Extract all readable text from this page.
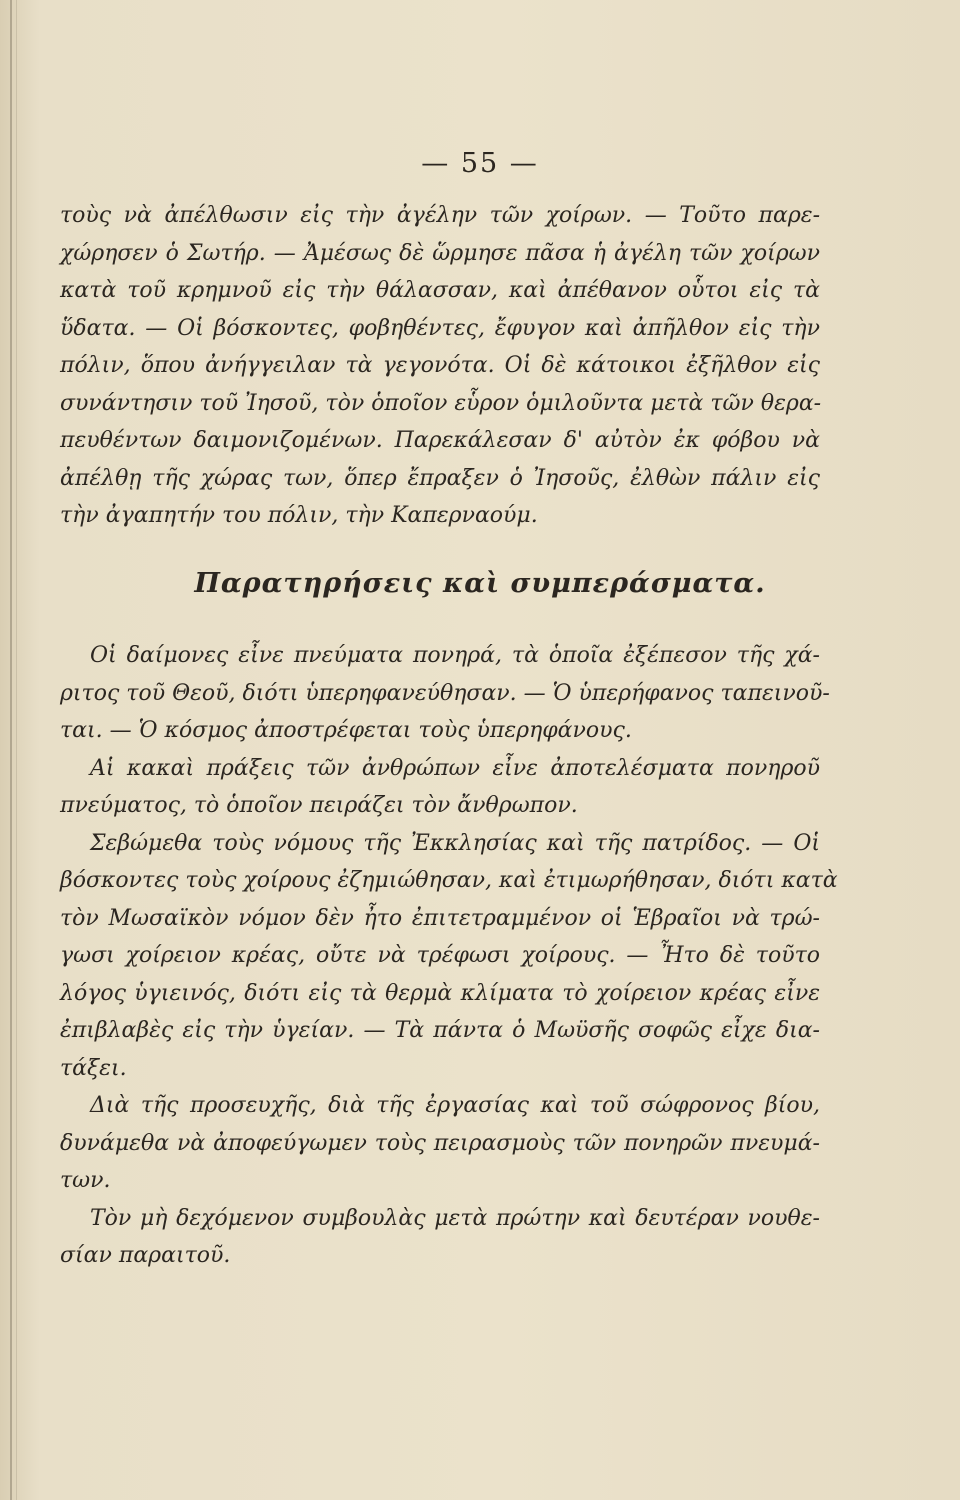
— 55 —
τοὺς νὰ ἀπέλθωσιν εἰς τὴν ἀγέλην τῶν χοίρων. — Τοῦτο παρε-
χώρησεν ὁ Σωτήρ. — Ἀμέσως δὲ ὥρμησε πᾶσα ἡ ἀγέλη τῶν χοίρων
κατὰ τοῦ κρημνοῦ εἰς τὴν θάλασσαν, καὶ ἀπέθανον οὗτοι εἰς τὰ
ὕδατα. — Οἱ βόσκοντες, φοβηθέντες, ἔφυγον καὶ ἀπῆλθον εἰς τὴν
πόλιν, ὅπου ἀνήγγειλαν τὰ γεγονότα. Οἱ δὲ κάτοικοι ἐξῆλθον εἰς
συνάντησιν τοῦ Ἰησοῦ, τὸν ὁποῖον εὗρον ὁμιλοῦντα μετὰ τῶν θερα-
πευθέντων δαιμονιζομένων. Παρεκάλεσαν δ' αὐτὸν ἐκ φόβου νὰ
ἀπέλθῃ τῆς χώρας των, ὅπερ ἔπραξεν ὁ Ἰησοῦς, ἐλθὼν πάλιν εἰς
τὴν ἀγαπητήν του πόλιν, τὴν Καπερναούμ.
Παρατηρήσεις καὶ συμπεράσματα.
Οἱ δαίμονες εἶνε πνεύματα πονηρά, τὰ ὁποῖα ἐξέπεσον τῆς χά-
ριτος τοῦ Θεοῦ, διότι ὑπερηφανεύθησαν. — Ὁ ὑπερήφανος ταπεινοῦ-
ται. — Ὁ κόσμος ἀποστρέφεται τοὺς ὑπερηφάνους.
Αἱ κακαὶ πράξεις τῶν ἀνθρώπων εἶνε ἀποτελέσματα πονηροῦ
πνεύματος, τὸ ὁποῖον πειράζει τὸν ἄνθρωπον.
Σεβώμεθα τοὺς νόμους τῆς Ἐκκλησίας καὶ τῆς πατρίδος. — Οἱ
βόσκοντες τοὺς χοίρους ἐζημιώθησαν, καὶ ἐτιμωρήθησαν, διότι κατὰ
τὸν Μωσαϊκὸν νόμον δὲν ἦτο ἐπιτετραμμένον οἱ Ἑβραῖοι νὰ τρώ-
γωσι χοίρειον κρέας, οὔτε νὰ τρέφωσι χοίρους. — Ἦτο δὲ τοῦτο
λόγος ὑγιεινός, διότι εἰς τὰ θερμὰ κλίματα τὸ χοίρειον κρέας εἶνε
ἐπιβλαβὲς εἰς τὴν ὑγείαν. — Τὰ πάντα ὁ Μωϋσῆς σοφῶς εἶχε δια-
τάξει.
Διὰ τῆς προσευχῆς, διὰ τῆς ἐργασίας καὶ τοῦ σώφρονος βίου,
δυνάμεθα νὰ ἀποφεύγωμεν τοὺς πειρασμοὺς τῶν πονηρῶν πνευμά-
των.
Τὸν μὴ δεχόμενον συμβουλὰς μετὰ πρώτην καὶ δευτέραν νουθε-
σίαν παραιτοῦ.
